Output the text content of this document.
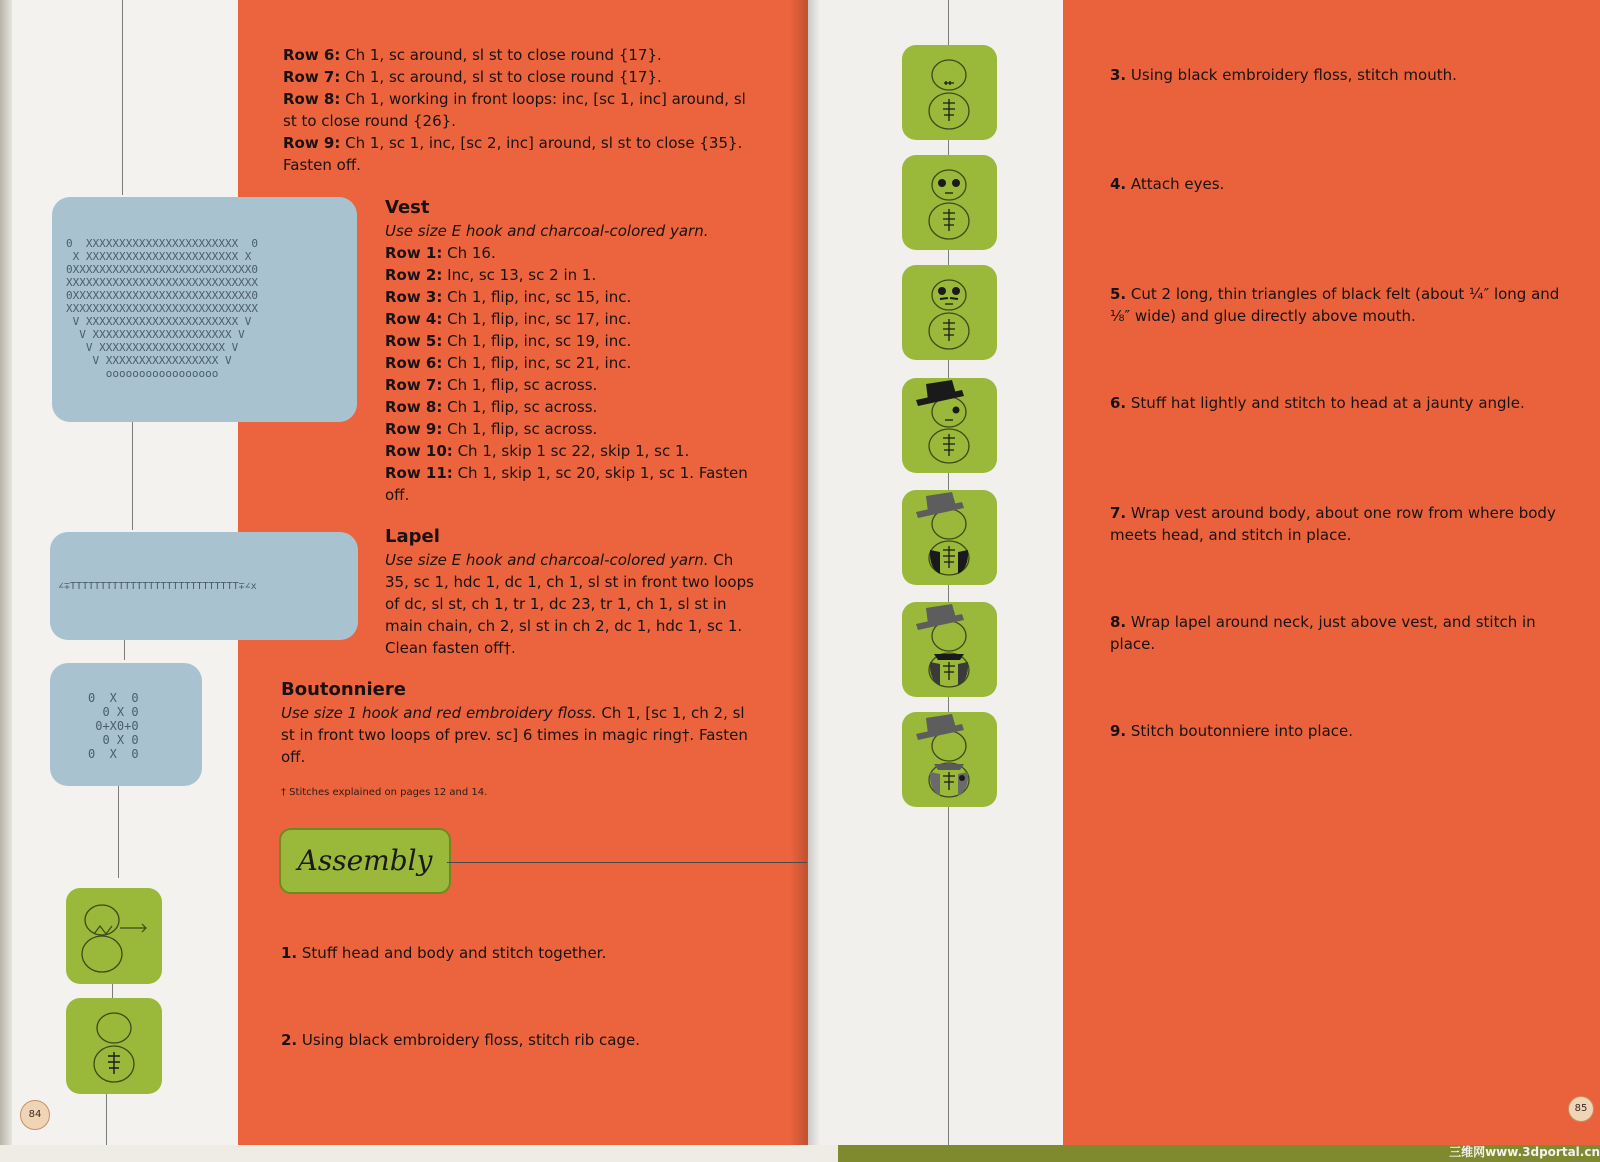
Row 6: Ch 1, sc around, sl st to close round {17}.
Row 7: Ch 1, sc around, sl st to close round {17}.
Row 8: Ch 1, working in front loops: inc, [sc 1, inc] around, sl st to close round {26}.
Row 9: Ch 1, sc 1, inc, [sc 2, inc] around, sl st to close {35}. Fasten off.
0  XXXXXXXXXXXXXXXXXXXXXXX  0
X XXXXXXXXXXXXXXXXXXXXXXX X
0XXXXXXXXXXXXXXXXXXXXXXXXXXX0
XXXXXXXXXXXXXXXXXXXXXXXXXXXXX
0XXXXXXXXXXXXXXXXXXXXXXXXXXX0
XXXXXXXXXXXXXXXXXXXXXXXXXXXXX
V XXXXXXXXXXXXXXXXXXXXXXX V
V XXXXXXXXXXXXXXXXXXXXX V
V XXXXXXXXXXXXXXXXXXX V
V XXXXXXXXXXXXXXXXX V
ooooooooooooooooo
Vest
Use size E hook and charcoal-colored yarn.
Row 1: Ch 16.
Row 2: Inc, sc 13, sc 2 in 1.
Row 3: Ch 1, flip, inc, sc 15, inc.
Row 4: Ch 1, flip, inc, sc 17, inc.
Row 5: Ch 1, flip, inc, sc 19, inc.
Row 6: Ch 1, flip, inc, sc 21, inc.
Row 7: Ch 1, flip, sc across.
Row 8: Ch 1, flip, sc across.
Row 9: Ch 1, flip, sc across.
Row 10: Ch 1, skip 1 sc 22, skip 1, sc 1.
Row 11: Ch 1, skip 1, sc 20, skip 1, sc 1. Fasten off.
∠∓TTTTTTTTTTTTTTTTTTTTTTTTTTTT∓∠x
Lapel
Use size E hook and charcoal-colored yarn. Ch 35, sc 1, hdc 1, dc 1, ch 1, sl st in front two loops of dc, sl st, ch 1, tr 1, dc 23, tr 1, ch 1, sl st in main chain, ch 2, sl st in ch 2, dc 1, hdc 1, sc 1. Clean fasten off†.
0  X  0
0 X 0
0+X0+0
0 X 0
0  X  0
Boutonniere
Use size 1 hook and red embroidery floss. Ch 1, [sc 1, ch 2, sl st in front two loops of prev. sc] 6 times in magic ring†. Fasten off.
† Stitches explained on pages 12 and 14.
Assembly
1. Stuff head and body and stitch together.
2. Using black embroidery floss, stitch rib cage.
84
3. Using black embroidery floss, stitch mouth.
4. Attach eyes.
5. Cut 2 long, thin triangles of black felt (about ¼″ long and ⅛″ wide) and glue directly above mouth.
6. Stuff hat lightly and stitch to head at a jaunty angle.
7. Wrap vest around body, about one row from where body meets head, and stitch in place.
8. Wrap lapel around neck, just above vest, and stitch in place.
9. Stitch boutonniere into place.
85
三维网www.3dportal.cn
